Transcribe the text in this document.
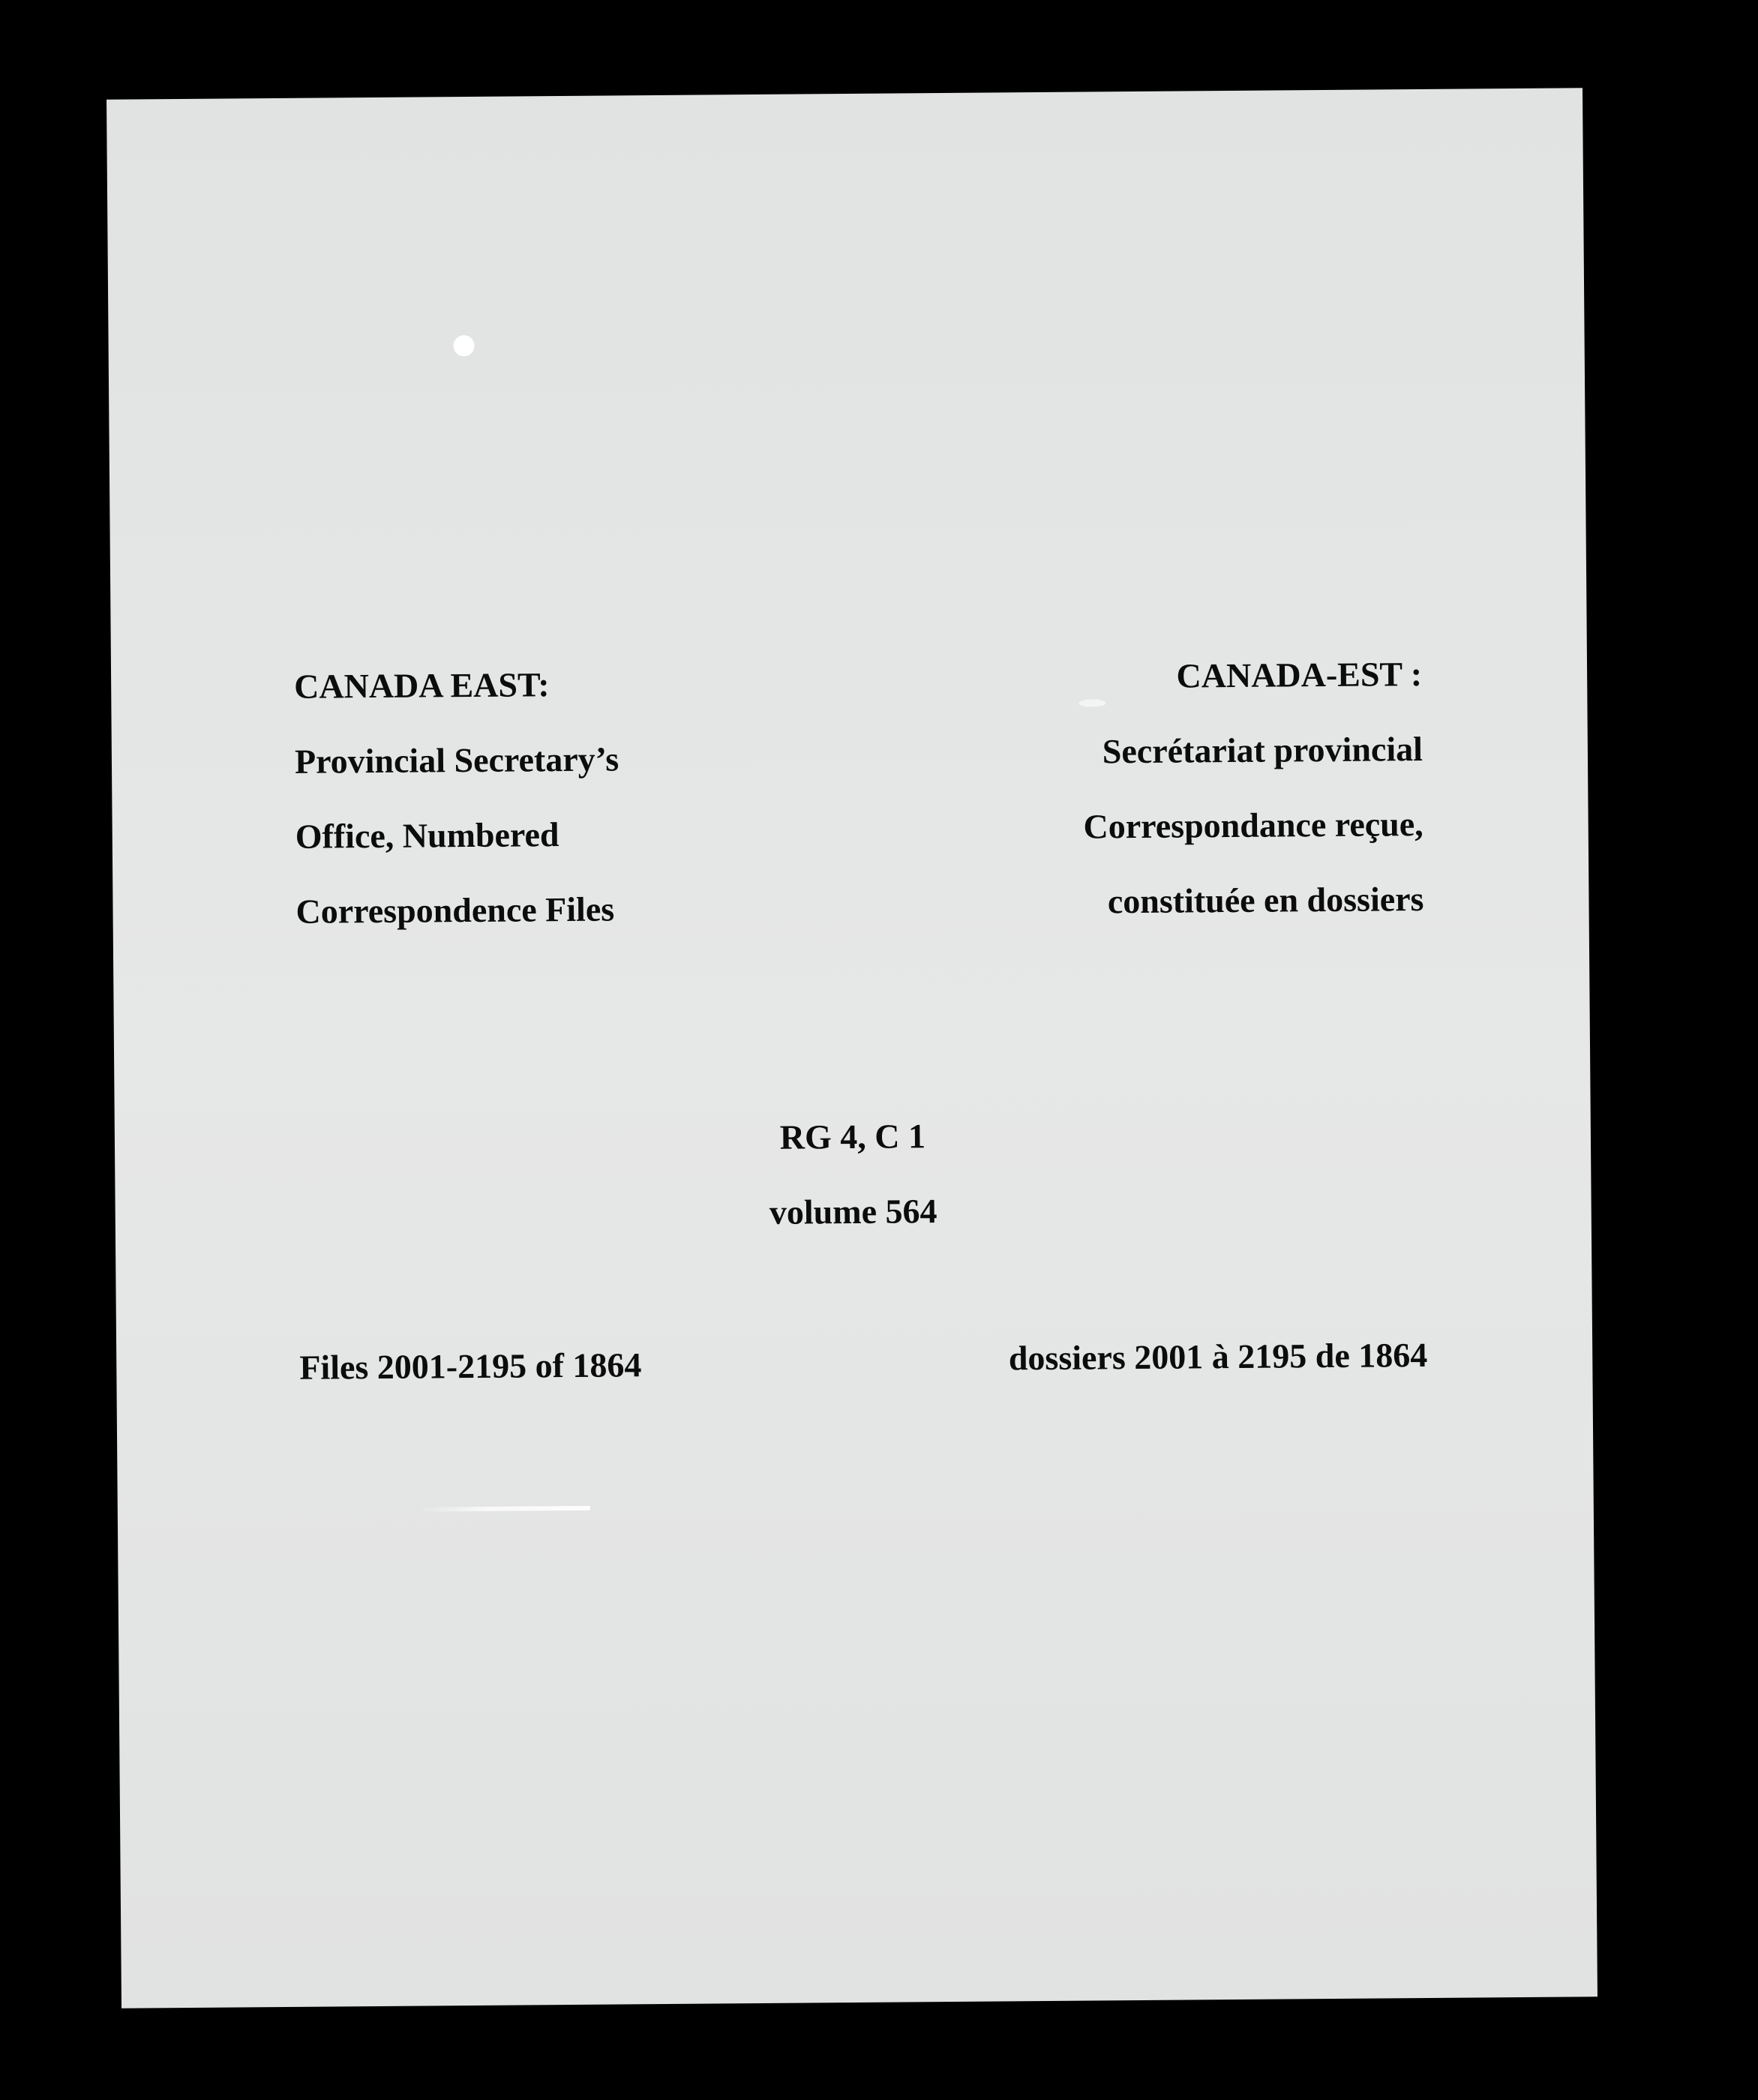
CANADA EAST:

Provincial Secretary’s

Office, Numbered

Correspondence Files

CANADA-EST :

Secrétariat provincial

Correspondance reçue,

constituée en dossiers

RG 4, C 1

volume 564

Files 2001-2195 of 1864	dossiers 2001 à 2195 de 1864
